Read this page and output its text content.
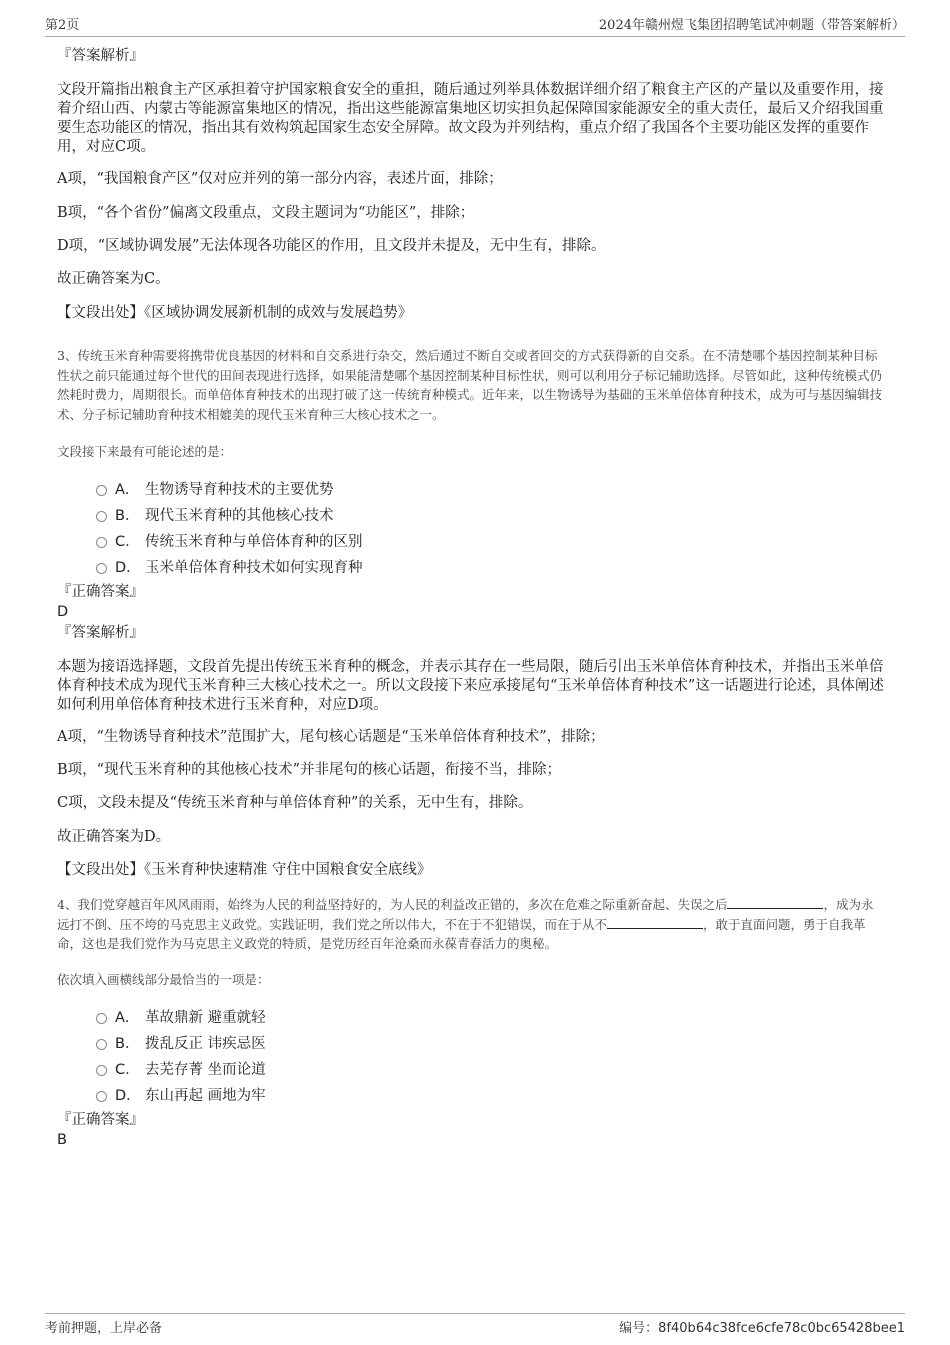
第2页	2024年赣州煜飞集团招聘笔试冲刺题（带答案解析）
『答案解析』

文段开篇指出粮食主产区承担着守护国家粮食安全的重担，随后通过列举具体数据详细介绍了粮食主产区的产量以及重要作用，接着介绍山西、内蒙古等能源富集地区的情况，指出这些能源富集地区切实担负起保障国家能源安全的重大责任，最后又介绍我国重要生态功能区的情况，指出其有效构筑起国家生态安全屏障。故文段为并列结构，重点介绍了我国各个主要功能区发挥的重要作用，对应C项。

A项，“我国粮食产区”仅对应并列的第一部分内容，表述片面，排除；

B项，“各个省份”偏离文段重点，文段主题词为“功能区”，排除；

D项，“区域协调发展”无法体现各功能区的作用，且文段并未提及，无中生有，排除。

故正确答案为C。

【文段出处】《区域协调发展新机制的成效与发展趋势》

3、传统玉米育种需要将携带优良基因的材料和自交系进行杂交，然后通过不断自交或者回交的方式获得新的自交系。在不清楚哪个基因控制某种目标性状之前只能通过每个世代的田间表现进行选择，如果能清楚哪个基因控制某种目标性状，则可以利用分子标记辅助选择。尽管如此，这种传统模式仍然耗时费力，周期很长。而单倍体育种技术的出现打破了这一传统育种模式。近年来，以生物诱导为基础的玉米单倍体育种技术，成为可与基因编辑技术、分子标记辅助育种技术相媲美的现代玉米育种三大核心技术之一。

文段接下来最有可能论述的是：

A． 生物诱导育种技术的主要优势
B． 现代玉米育种的其他核心技术
C． 传统玉米育种与单倍体育种的区别
D． 玉米单倍体育种技术如何实现育种
『正确答案』
D
『答案解析』

本题为接语选择题，文段首先提出传统玉米育种的概念，并表示其存在一些局限，随后引出玉米单倍体育种技术，并指出玉米单倍体育种技术成为现代玉米育种三大核心技术之一。所以文段接下来应承接尾句“玉米单倍体育种技术”这一话题进行论述，具体阐述如何利用单倍体育种技术进行玉米育种，对应D项。

A项，“生物诱导育种技术”范围扩大，尾句核心话题是“玉米单倍体育种技术”，排除；

B项，“现代玉米育种的其他核心技术”并非尾句的核心话题，衔接不当，排除；

C项，文段未提及“传统玉米育种与单倍体育种”的关系，无中生有，排除。

故正确答案为D。

【文段出处】《玉米育种快速精准 守住中国粮食安全底线》

4、我们党穿越百年风风雨雨，始终为人民的利益坚持好的，为人民的利益改正错的，多次在危难之际重新奋起、失误之后	，成为永远打不倒、压不垮的马克思主义政党。实践证明，我们党之所以伟大，不在于不犯错误，而在于从不	，敢于直面问题，勇于自我革命，这也是我们党作为马克思主义政党的特质，是党历经百年沧桑而永葆青春活力的奥秘。

依次填入画横线部分最恰当的一项是：

A． 革故鼎新 避重就轻
B． 拨乱反正 讳疾忌医
C． 去芜存菁 坐而论道
D． 东山再起 画地为牢
『正确答案』
B
考前押题，上岸必备	编号：8f40b64c38fce6cfe78c0bc65428bee1
